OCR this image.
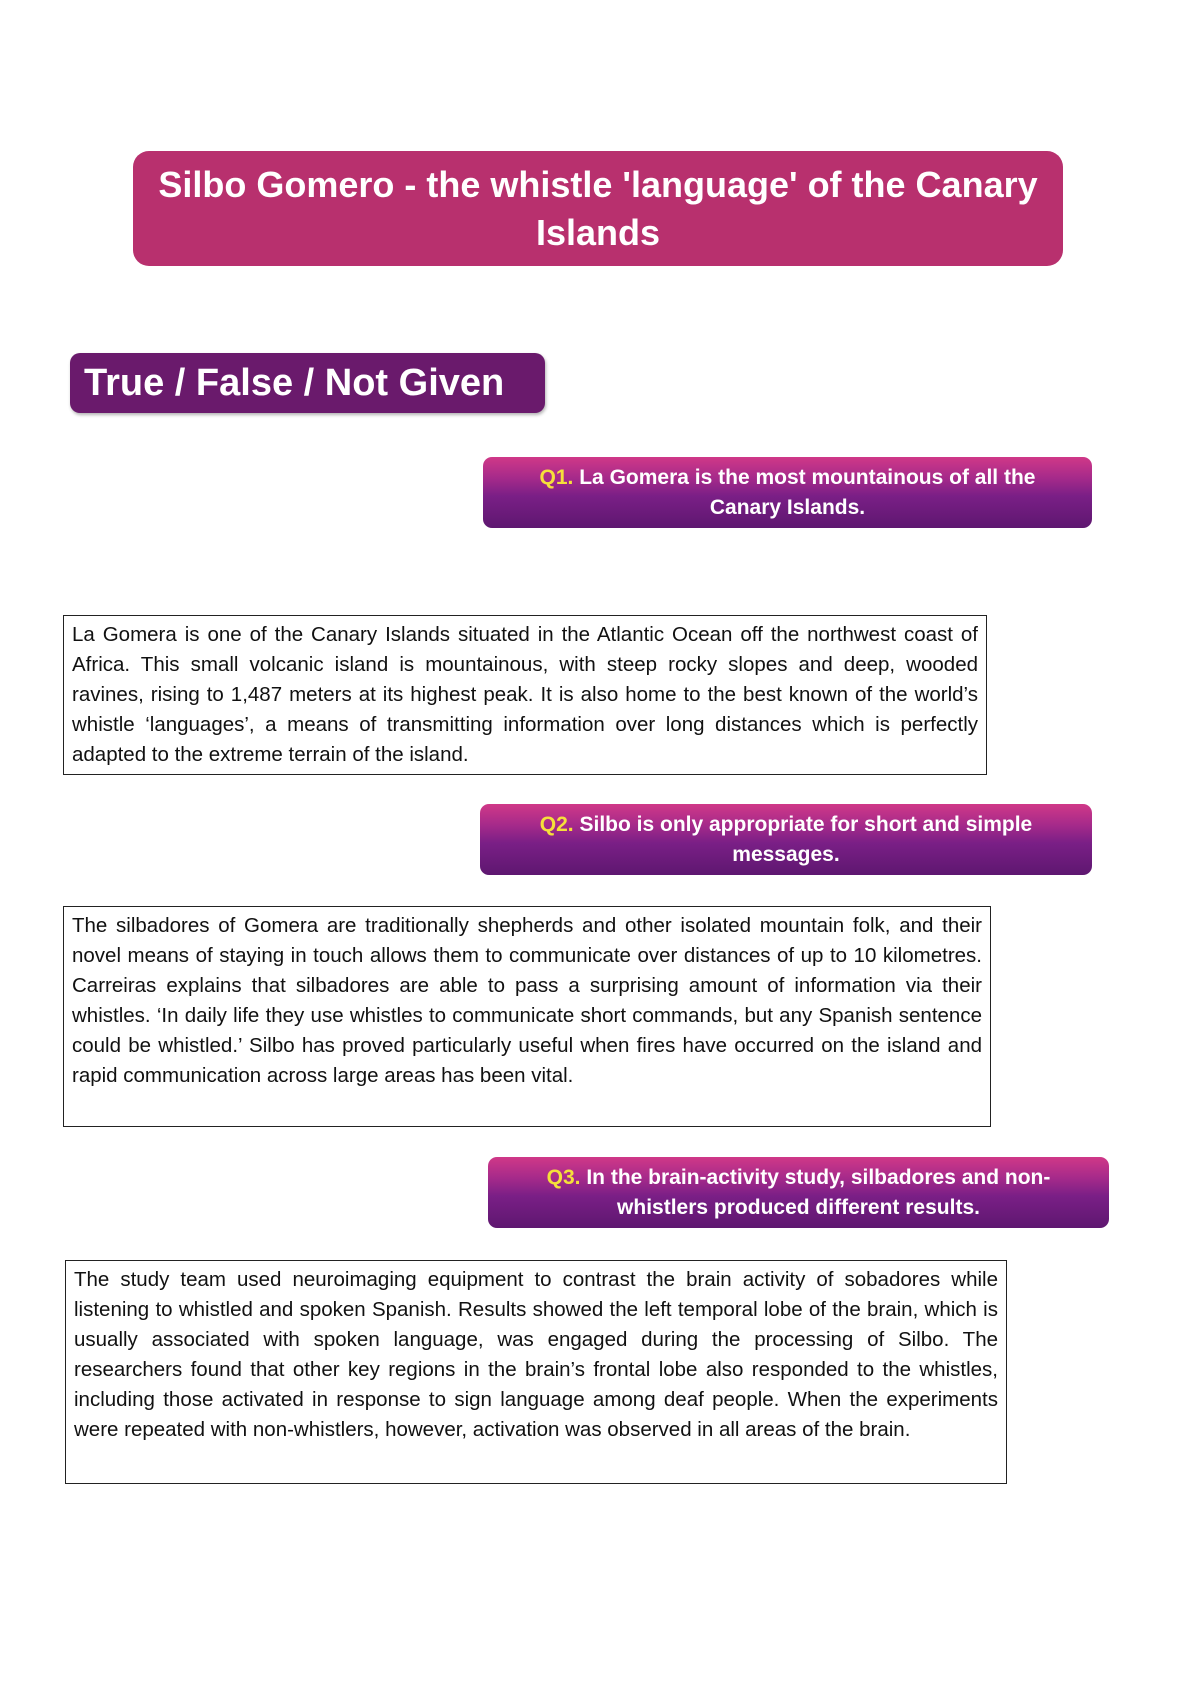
Silbo Gomero - the whistle 'language' of the Canary Islands
True / False / Not Given
Q1. La Gomera is the most mountainous of all the Canary Islands.
La Gomera is one of the Canary Islands situated in the Atlantic Ocean off the northwest coast of Africa. This small volcanic island is mountainous, with steep rocky slopes and deep, wooded ravines, rising to 1,487 meters at its highest peak. It is also home to the best known of the world’s whistle ‘languages’, a means of transmitting information over long distances which is perfectly adapted to the extreme terrain of the island.
Q2. Silbo is only appropriate for short and simple messages.
The silbadores of Gomera are traditionally shepherds and other isolated mountain folk, and their novel means of staying in touch allows them to communicate over distances of up to 10 kilometres. Carreiras explains that silbadores are able to pass a surprising amount of information via their whistles. ‘In daily life they use whistles to communicate short commands, but any Spanish sentence could be whistled.’ Silbo has proved particularly useful when fires have occurred on the island and rapid communication across large areas has been vital.
Q3. In the brain-activity study, silbadores and non-whistlers produced different results.
The study team used neuroimaging equipment to contrast the brain activity of sobadores while listening to whistled and spoken Spanish. Results showed the left temporal lobe of the brain, which is usually associated with spoken language, was engaged during the processing of Silbo. The researchers found that other key regions in the brain’s frontal lobe also responded to the whistles, including those activated in response to sign language among deaf people. When the experiments were repeated with non-whistlers, however, activation was observed in all areas of the brain.
